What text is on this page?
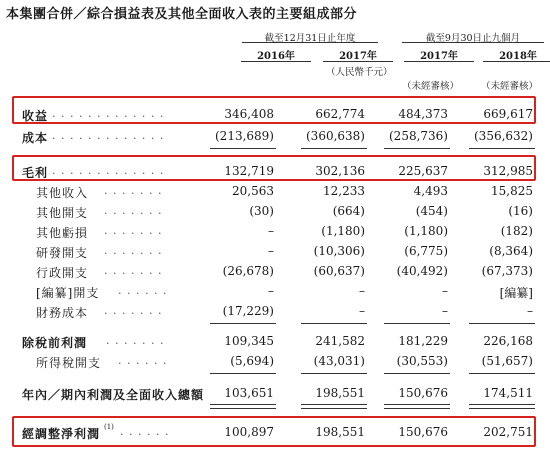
本集團合併／綜合損益表及其他全面收入表的主要組成部分
截至12月31日止年度	截至9月30日止九個月
2016年	2017年	2017年	2018年
（人民幣千元）
（未經審核） （未經審核）
收益 . . . . . . . . . . . . .	346,408	662,774	484,373	669,617
成本 . . . . . . . . . . . . .	(213,689)	(360,638)	(258,736)	(356,632)
毛利 . . . . . . . . . . . . .	132,719	302,136	225,637	312,985
其他收入 . . . . . . .	20,563	12,233	4,493	15,825
其他開支 . . . . . . .	(30)	(664)	(454)	(16)
其他虧損 . . . . . . .	–	(1,180)	(1,180)	(182)
研發開支 . . . . . . .	–	(10,306)	(6,775)	(8,364)
行政開支 . . . . . . .	(26,678)	(60,637)	(40,492)	(67,373)
[編纂]開支 . . . . . .	–	–	–	[編纂]
財務成本 . . . . . . .	(17,229)	–	–	–
除稅前利潤 . . . . . . .	109,345	241,582	181,229	226,168
所得稅開支 . . . . . .	(5,694)	(43,031)	(30,553)	(51,657)
年內／期內利潤及全面收入總額	103,651	198,551	150,676	174,511
經調整淨利潤 (1) . . . . . .	100,897	198,551	150,676	202,751
